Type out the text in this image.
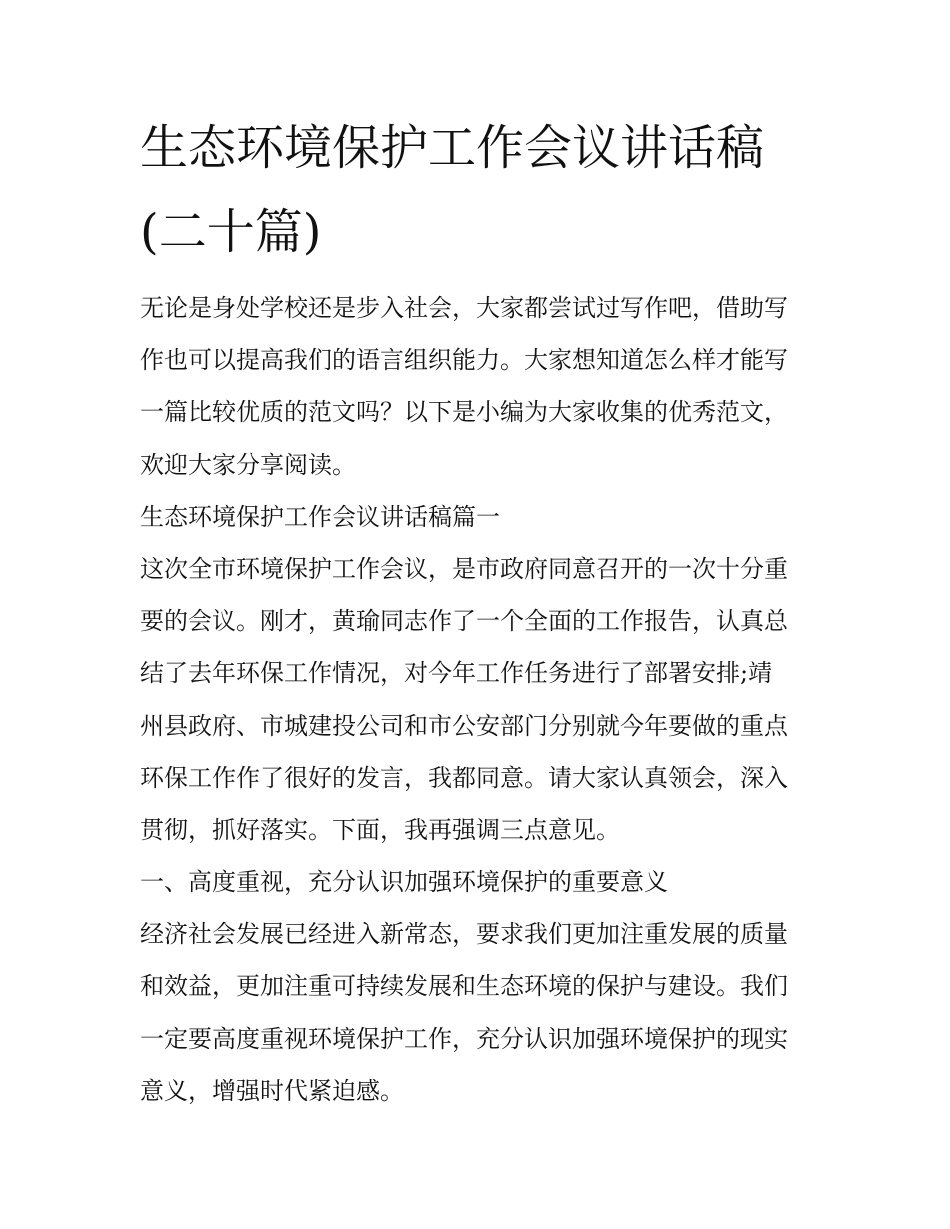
生态环境保护工作会议讲话稿
(二十篇)

无论是身处学校还是步入社会，大家都尝试过写作吧，借助写
作也可以提高我们的语言组织能力。大家想知道怎么样才能写
一篇比较优质的范文吗？以下是小编为大家收集的优秀范文，
欢迎大家分享阅读。

生态环境保护工作会议讲话稿篇一

这次全市环境保护工作会议，是市政府同意召开的一次十分重
要的会议。刚才，黄瑜同志作了一个全面的工作报告，认真总
结了去年环保工作情况，对今年工作任务进行了部署安排;靖
州县政府、市城建投公司和市公安部门分别就今年要做的重点
环保工作作了很好的发言，我都同意。请大家认真领会，深入
贯彻，抓好落实。下面，我再强调三点意见。

一、高度重视，充分认识加强环境保护的重要意义

经济社会发展已经进入新常态，要求我们更加注重发展的质量
和效益，更加注重可持续发展和生态环境的保护与建设。我们
一定要高度重视环境保护工作，充分认识加强环境保护的现实
意义，增强时代紧迫感。
